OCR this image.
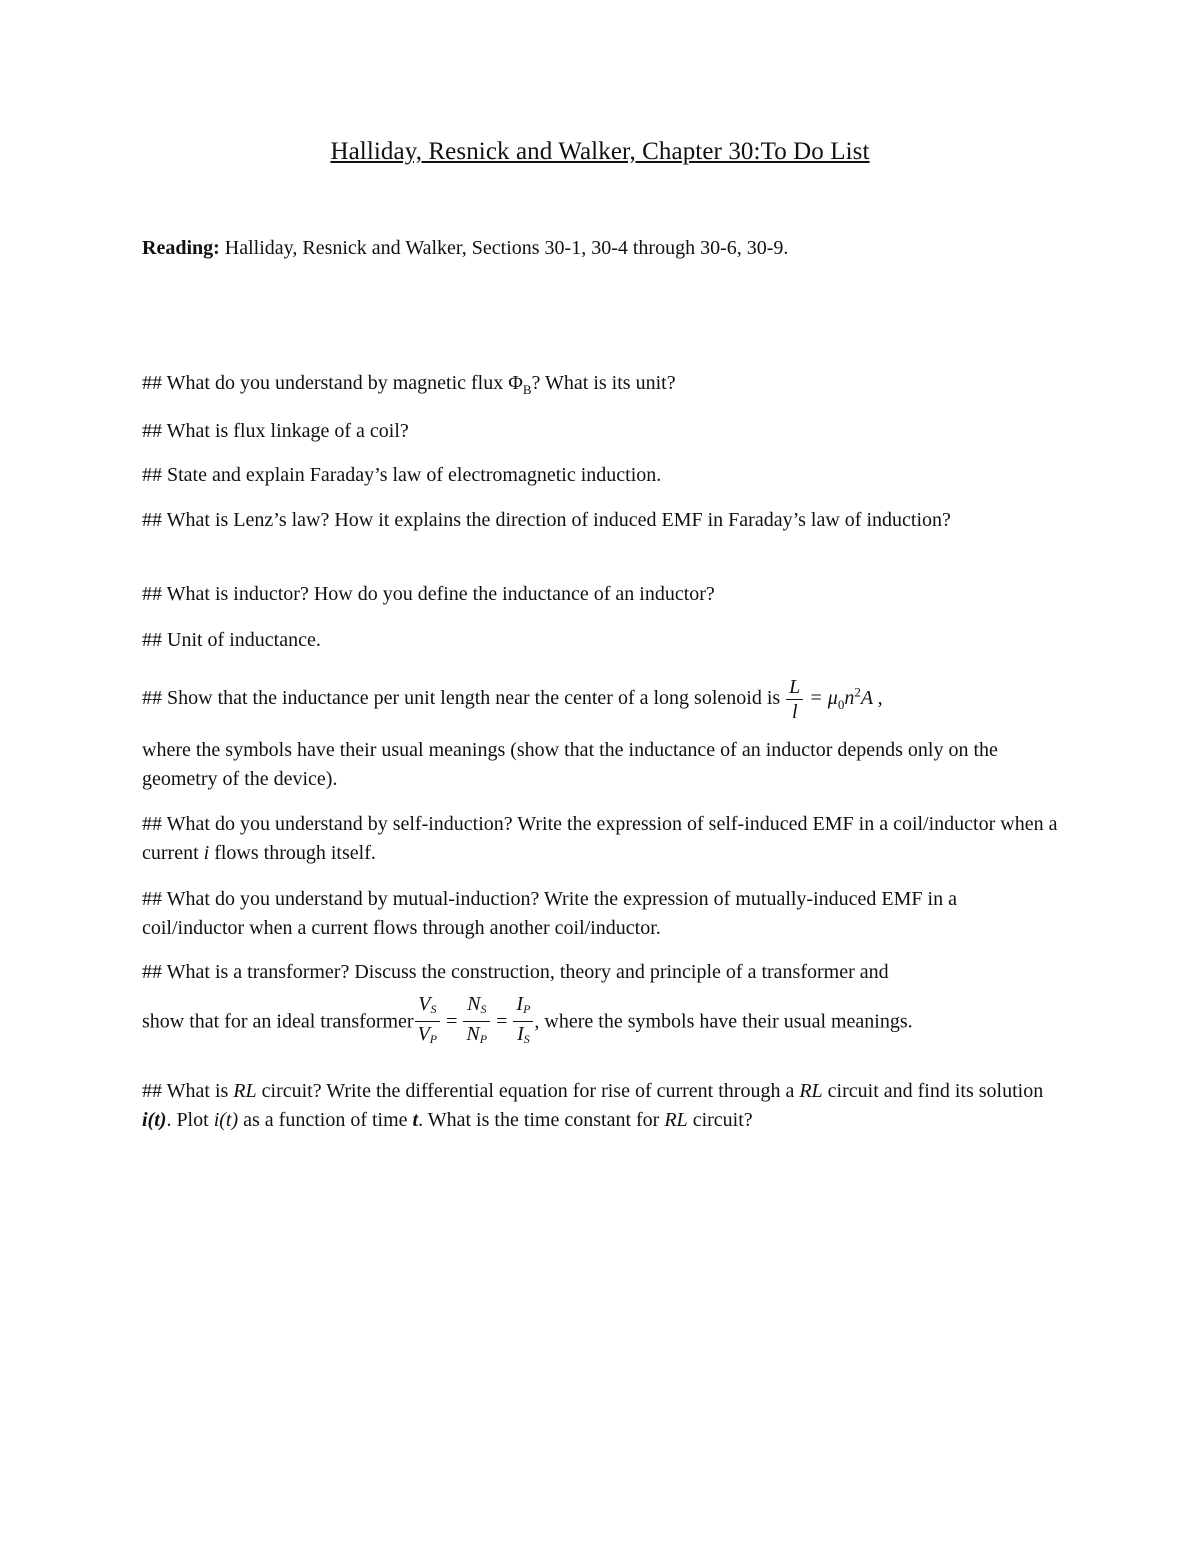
Halliday, Resnick and Walker, Chapter 30:To Do List
Reading: Halliday, Resnick and Walker, Sections 30-1, 30-4 through 30-6, 30-9.
## What do you understand by magnetic flux $\Phi_B$? What is its unit?
## What is flux linkage of a coil?
## State and explain Faraday’s law of electromagnetic induction.
## What is Lenz’s law? How it explains the direction of induced EMF in Faraday’s law of induction?
## What is inductor? How do you define the inductance of an inductor?
## Unit of inductance.
## Show that the inductance per unit length near the center of a long solenoid is $\frac{L}{l} = \mu_0n^2A$ ,
where the symbols have their usual meanings (show that the inductance of an inductor depends only on the geometry of the device).
## What do you understand by self-induction? Write the expression of self-induced EMF in a coil/inductor when a current i flows through itself.
## What do you understand by mutual-induction? Write the expression of mutually-induced EMF in a coil/inductor when a current flows through another coil/inductor.
## What is a transformer? Discuss the construction, theory and principle of a transformer and
show that for an ideal transformer $\frac{V_S}{V_P} = \frac{N_S}{N_P} = \frac{I_P}{I_S}$ , where the symbols have their usual meanings.
## What is RL circuit? Write the differential equation for rise of current through a RL circuit and find its solution i(t). Plot i(t) as a function of time t. What is the time constant for RL circuit?
